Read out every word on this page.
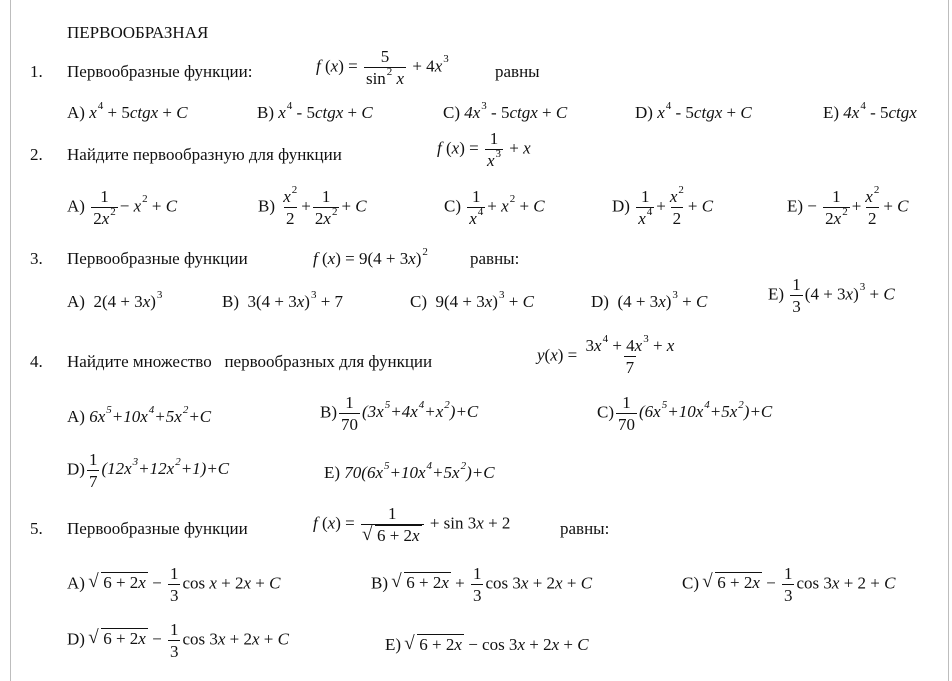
ПЕРВООБРАЗНАЯ
1. Первообразные функции:	f $(x) = \frac{5}{\sin^2 x} + 4x^3$
равны
A) $x^4$ + 5ctgx + C	B) $x^4$ - 5ctgx + C	C) $4x^3$ - 5ctgx + C	D) $x^4$ - 5ctgx + C	E) $4x^4$ - 5ctgx
2. Найдите первообразную для функции	f $(x) = \frac{1}{x^3} + x$
$A) \frac{1}{2x^2} - x^2 + C$	$B) \frac{x^2}{2} + \frac{1}{2x^2} + C$	$C) \frac{1}{x^4} + x^2 + C$	$D) \frac{1}{x^4} + \frac{x^2}{2} + C$	$E) - \frac{1}{2x^2} + \frac{x^2}{2} + C$
3. Первообразные функции	f $(x) = 9(4 + 3x)^2$ равны:
A)  $2(4 + 3x)^3$	B)  $3(4 + 3x)^3 + 7$	C)  $9(4 + 3x)^3 + C$	D)  $(4 + 3x)^3 + C$	$E) \frac{1}{3} (4 + 3x)^3 + C$
4. Найдите множество   первообразных для функции	$y(x) = \frac{3x^4 + 4x^3 + x}{7}$
A) $6x^5+10x^4+5x^2+C$	$B) \frac{1}{70} (3x^5+4x^4+x^2)+C$	$C) \frac{1}{70} (6x^5+10x^4+5x^2)+C$
$D) \frac{1}{7} (12x^3+12x^2+1)+C$	E) $70(6x^5+10x^4+5x^2)+C$
5. Первообразные функции	f (x) = 1
√ 6 + 2x + sin 3x + 2	равны:
A) √ $6 + 2x - \frac{1}{3}$ cos x + 2x + C	B) √ $6 + 2x + \frac{1}{3}$ cos 3x + 2x + C	C) √ $6 + 2x - \frac{1}{3}$ cos 3x + 2 + C
D) √ $6 + 2x - \frac{1}{3}$ cos 3x + 2x + C	E) √ 6 + 2x − cos 3x + 2x + C
